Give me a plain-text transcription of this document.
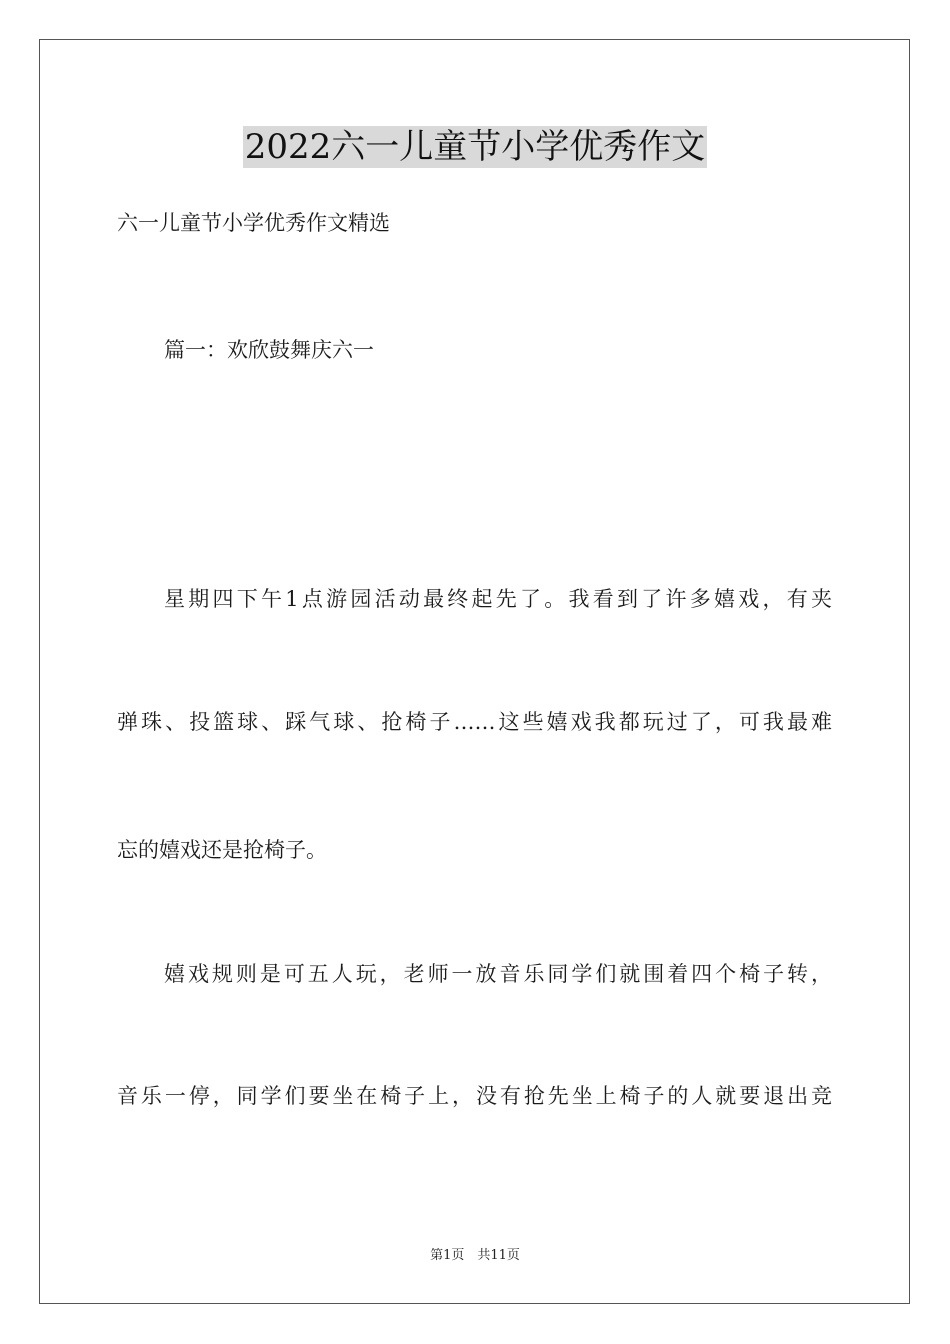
2022六一儿童节小学优秀作文
六一儿童节小学优秀作文精选
篇一：欢欣鼓舞庆六一
星期四下午1点游园活动最终起先了。我看到了许多嬉戏，有夹
弹珠、投篮球、踩气球、抢椅子……这些嬉戏我都玩过了，可我最难
忘的嬉戏还是抢椅子。
嬉戏规则是可五人玩，老师一放音乐同学们就围着四个椅子转，
音乐一停，同学们要坐在椅子上，没有抢先坐上椅子的人就要退出竞
第1页　共11页
